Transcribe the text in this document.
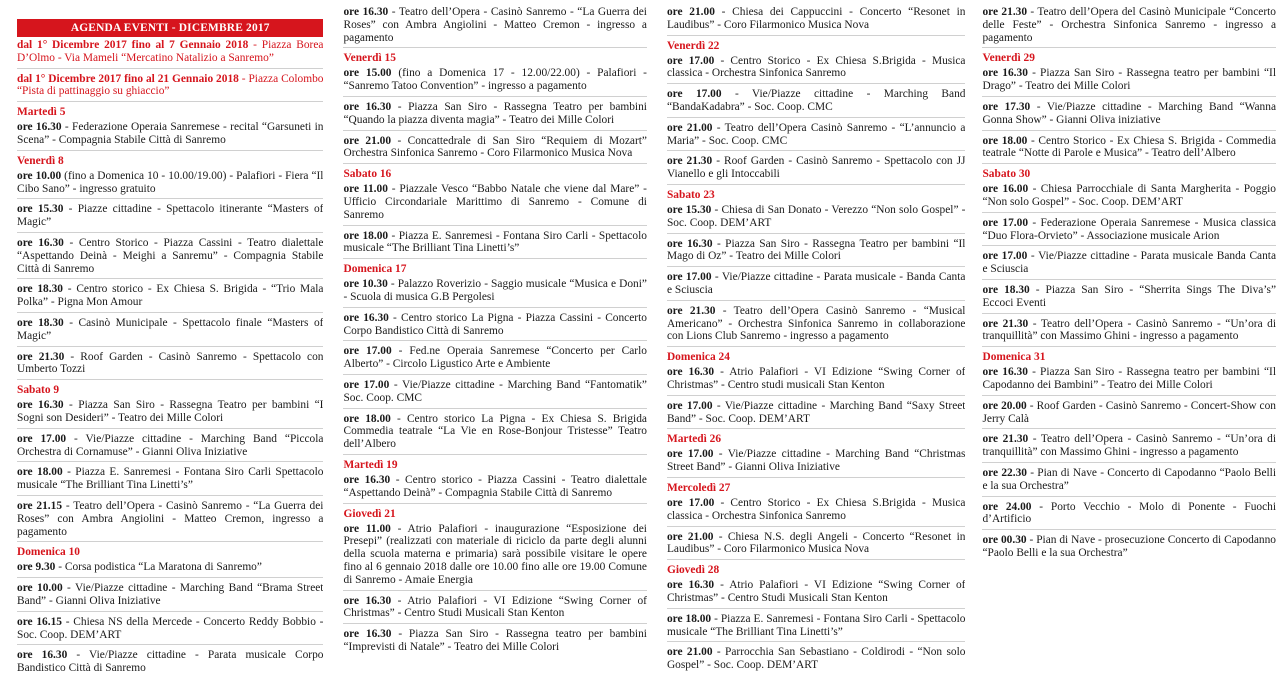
AGENDA EVENTI - DICEMBRE 2017
dal 1° Dicembre 2017 fino al 7 Gennaio 2018 - Piazza Borea D’Olmo - Via Mameli “Mercatino Natalizio a Sanremo”
dal 1° Dicembre 2017 fino al 21 Gennaio 2018 - Piazza Colombo “Pista di pattinaggio su ghiaccio”
Martedì 5
ore 16.30 - Federazione Operaia Sanremese - recital “Garsuneti in Scena” - Compagnia Stabile Città di Sanremo
Venerdì 8
ore 10.00 (fino a Domenica 10 - 10.00/19.00) - Palafiori - Fiera “Il Cibo Sano” - ingresso gratuito
ore 15.30 - Piazze cittadine - Spettacolo itinerante “Masters of Magic”
ore 16.30 - Centro Storico - Piazza Cassini - Teatro dialettale “Aspettando Deinà - Meighi a Sanremu” - Compagnia Stabile Città di Sanremo
ore 18.30 - Centro storico - Ex Chiesa S. Brigida - “Trio Mala Polka” - Pigna Mon Amour
ore 18.30 - Casinò Municipale - Spettacolo finale “Masters of Magic”
ore 21.30 - Roof Garden - Casinò Sanremo - Spettacolo con Umberto Tozzi
Sabato 9
ore 16.30 - Piazza San Siro - Rassegna Teatro per bambini “I Sogni son Desideri” - Teatro dei Mille Colori
ore 17.00 - Vie/Piazze cittadine - Marching Band “Piccola Orchestra di Cornamuse” - Gianni Oliva Iniziative
ore 18.00 - Piazza E. Sanremesi - Fontana Siro Carli Spettacolo musicale “The Brilliant Tina Linetti’s”
ore 21.15 - Teatro dell’Opera - Casinò Sanremo - “La Guerra dei Roses” con Ambra Angiolini - Matteo Cremon, ingresso a pagamento
Domenica 10
ore 9.30 - Corsa podistica “La Maratona di Sanremo”
ore 10.00 - Vie/Piazze cittadine - Marching Band “Brama Street Band” - Gianni Oliva Iniziative
ore 16.15 - Chiesa NS della Mercede - Concerto Reddy Bobbio - Soc. Coop. DEM’ART
ore 16.30 - Vie/Piazze cittadine - Parata musicale Corpo Bandistico Città di Sanremo
ore 16.30 - Teatro dell’Opera - Casinò Sanremo - “La Guerra dei Roses” con Ambra Angiolini - Matteo Cremon - ingresso a pagamento
Venerdì 15
ore 15.00 (fino a Domenica 17 - 12.00/22.00) - Palafiori - “Sanremo Tatoo Convention” - ingresso a pagamento
ore 16.30 - Piazza San Siro - Rassegna Teatro per bambini “Quando la piazza diventa magia” - Teatro dei Mille Colori
ore 21.00 - Concattedrale di San Siro “Requiem di Mozart” Orchestra Sinfonica Sanremo - Coro Filarmonico Musica Nova
Sabato 16
ore 11.00 - Piazzale Vesco “Babbo Natale che viene dal Mare” - Ufficio Circondariale Marittimo di Sanremo - Comune di Sanremo
ore 18.00 - Piazza E. Sanremesi - Fontana Siro Carli - Spettacolo musicale “The Brilliant Tina Linetti’s”
Domenica 17
ore 10.30 - Palazzo Roverizio - Saggio musicale “Musica e Doni” - Scuola di musica G.B Pergolesi
ore 16.30 - Centro storico La Pigna - Piazza Cassini - Concerto Corpo Bandistico Città di Sanremo
ore 17.00 - Fed.ne Operaia Sanremese “Concerto per Carlo Alberto” - Circolo Ligustico Arte e Ambiente
ore 17.00 - Vie/Piazze cittadine - Marching Band “Fantomatik” Soc. Coop. CMC
ore 18.00 - Centro storico La Pigna - Ex Chiesa S. Brigida Commedia teatrale “La Vie en Rose-Bonjour Tristesse” Teatro dell’Albero
Martedì 19
ore 16.30 - Centro storico - Piazza Cassini - Teatro dialettale “Aspettando Deinà” - Compagnia Stabile Città di Sanremo
Giovedì 21
ore 11.00 - Atrio Palafiori - inaugurazione “Esposizione dei Presepi” (realizzati con materiale di riciclo da parte degli alunni della scuola materna e primaria) sarà possibile visitare le opere fino al 6 gennaio 2018 dalle ore 10.00 fino alle ore 19.00 Comune di Sanremo - Amaie Energia
ore 16.30 - Atrio Palafiori - VI Edizione “Swing Corner of Christmas” - Centro Studi Musicali Stan Kenton
ore 16.30 - Piazza San Siro - Rassegna teatro per bambini “Imprevisti di Natale” - Teatro dei Mille Colori
ore 21.00 - Chiesa dei Cappuccini - Concerto “Resonet in Laudibus” - Coro Filarmonico Musica Nova
Venerdì 22
ore 17.00 - Centro Storico - Ex Chiesa S.Brigida - Musica classica - Orchestra Sinfonica Sanremo
ore 17.00 - Vie/Piazze cittadine - Marching Band “BandaKadabra” - Soc. Coop. CMC
ore 21.00 - Teatro dell’Opera Casinò Sanremo - “L’annuncio a Maria” - Soc. Coop. CMC
ore 21.30 - Roof Garden - Casinò Sanremo - Spettacolo con JJ Vianello e gli Intoccabili
Sabato 23
ore 15.30 - Chiesa di San Donato - Verezzo “Non solo Gospel” - Soc. Coop. DEM’ART
ore 16.30 - Piazza San Siro - Rassegna Teatro per bambini “Il Mago di Oz” - Teatro dei Mille Colori
ore 17.00 - Vie/Piazze cittadine - Parata musicale - Banda Canta e Sciuscia
ore 21.30 - Teatro dell’Opera Casinò Sanremo - “Musical Americano” - Orchestra Sinfonica Sanremo in collaborazione con Lions Club Sanremo - ingresso a pagamento
Domenica 24
ore 16.30 - Atrio Palafiori - VI Edizione “Swing Corner of Christmas” - Centro studi musicali Stan Kenton
ore 17.00 - Vie/Piazze cittadine - Marching Band “Saxy Street Band” - Soc. Coop. DEM’ART
Martedì 26
ore 17.00 - Vie/Piazze cittadine - Marching Band “Christmas Street Band” - Gianni Oliva Iniziative
Mercoledì 27
ore 17.00 - Centro Storico - Ex Chiesa S.Brigida - Musica classica - Orchestra Sinfonica Sanremo
ore 21.00 - Chiesa N.S. degli Angeli - Concerto “Resonet in Laudibus” - Coro Filarmonico Musica Nova
Giovedì 28
ore 16.30 - Atrio Palafiori - VI Edizione “Swing Corner of Christmas” - Centro Studi Musicali Stan Kenton
ore 18.00 - Piazza E. Sanremesi - Fontana Siro Carli - Spettacolo musicale “The Brilliant Tina Linetti’s”
ore 21.00 - Parrocchia San Sebastiano - Coldirodi - “Non solo Gospel” - Soc. Coop. DEM’ART
ore 21.30 - Teatro dell’Opera del Casinò Municipale “Concerto delle Feste” - Orchestra Sinfonica Sanremo - ingresso a pagamento
Venerdì 29
ore 16.30 - Piazza San Siro - Rassegna teatro per bambini “Il Drago” - Teatro dei Mille Colori
ore 17.30 - Vie/Piazze cittadine - Marching Band “Wanna Gonna Show” - Gianni Oliva iniziative
ore 18.00 - Centro Storico - Ex Chiesa S. Brigida - Commedia teatrale “Notte di Parole e Musica” - Teatro dell’Albero
Sabato 30
ore 16.00 - Chiesa Parrocchiale di Santa Margherita - Poggio “Non solo Gospel” - Soc. Coop. DEM’ART
ore 17.00 - Federazione Operaia Sanremese - Musica classica “Duo Flora-Orvieto” - Associazione musicale Arion
ore 17.00 - Vie/Piazze cittadine - Parata musicale Banda Canta e Sciuscia
ore 18.30 - Piazza San Siro - “Sherrita Sings The Diva’s” Eccoci Eventi
ore 21.30 - Teatro dell’Opera - Casinò Sanremo - “Un’ora di tranquillità” con Massimo Ghini - ingresso a pagamento
Domenica 31
ore 16.30 - Piazza San Siro - Rassegna teatro per bambini “Il Capodanno dei Bambini” - Teatro dei Mille Colori
ore 20.00 - Roof Garden - Casinò Sanremo - Concert-Show con Jerry Calà
ore 21.30 - Teatro dell’Opera - Casinò Sanremo - “Un’ora di tranquillità” con Massimo Ghini - ingresso a pagamento
ore 22.30 - Pian di Nave - Concerto di Capodanno “Paolo Belli e la sua Orchestra”
ore 24.00 - Porto Vecchio - Molo di Ponente - Fuochi d’Artificio
ore 00.30 - Pian di Nave - prosecuzione Concerto di Capodanno “Paolo Belli e la sua Orchestra”
